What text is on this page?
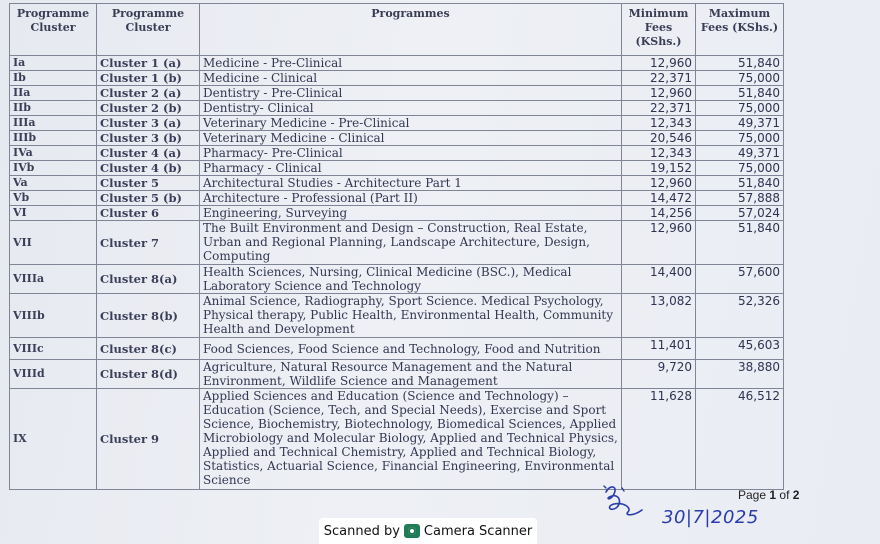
Programme Cluster	Programme Cluster	Programmes	Minimum Fees (KShs.)	Maximum Fees (KShs.)
Ia	Cluster 1 (a)	Medicine - Pre-Clinical	12,960	51,840
Ib	Cluster 1 (b)	Medicine - Clinical	22,371	75,000
IIa	Cluster 2 (a)	Dentistry - Pre-Clinical	12,960	51,840
IIb	Cluster 2 (b)	Dentistry- Clinical	22,371	75,000
IIIa	Cluster 3 (a)	Veterinary Medicine - Pre-Clinical	12,343	49,371
IIIb	Cluster 3 (b)	Veterinary Medicine - Clinical	20,546	75,000
IVa	Cluster 4 (a)	Pharmacy- Pre-Clinical	12,343	49,371
IVb	Cluster 4 (b)	Pharmacy - Clinical	19,152	75,000
Va	Cluster 5	Architectural Studies - Architecture Part 1	12,960	51,840
Vb	Cluster 5 (b)	Architecture - Professional (Part II)	14,472	57,888
VI	Cluster 6	Engineering, Surveying	14,256	57,024
VII	Cluster 7	The Built Environment and Design – Construction, Real Estate, Urban and Regional Planning, Landscape Architecture, Design, Computing	12,960	51,840
VIIIa	Cluster 8(a)	Health Sciences, Nursing, Clinical Medicine (BSC.), Medical Laboratory Science and Technology	14,400	57,600
VIIIb	Cluster 8(b)	Animal Science, Radiography, Sport Science. Medical Psychology, Physical therapy, Public Health, Environmental Health, Community Health and Development	13,082	52,326
VIIIc	Cluster 8(c)	Food Sciences, Food Science and Technology, Food and Nutrition	11,401	45,603
VIIId	Cluster 8(d)	Agriculture, Natural Resource Management and the Natural Environment, Wildlife Science and Management	9,720	38,880
IX	Cluster 9	Applied Sciences and Education (Science and Technology) – Education (Science, Tech, and Special Needs), Exercise and Sport Science, Biochemistry, Biotechnology, Biomedical Sciences, Applied Microbiology and Molecular Biology, Applied and Technical Physics, Applied and Technical Chemistry, Applied and Technical Biology, Statistics, Actuarial Science, Financial Engineering, Environmental Science	11,628	46,512
30|7|2025
Page 1 of 2
Scanned by Camera Scanner
